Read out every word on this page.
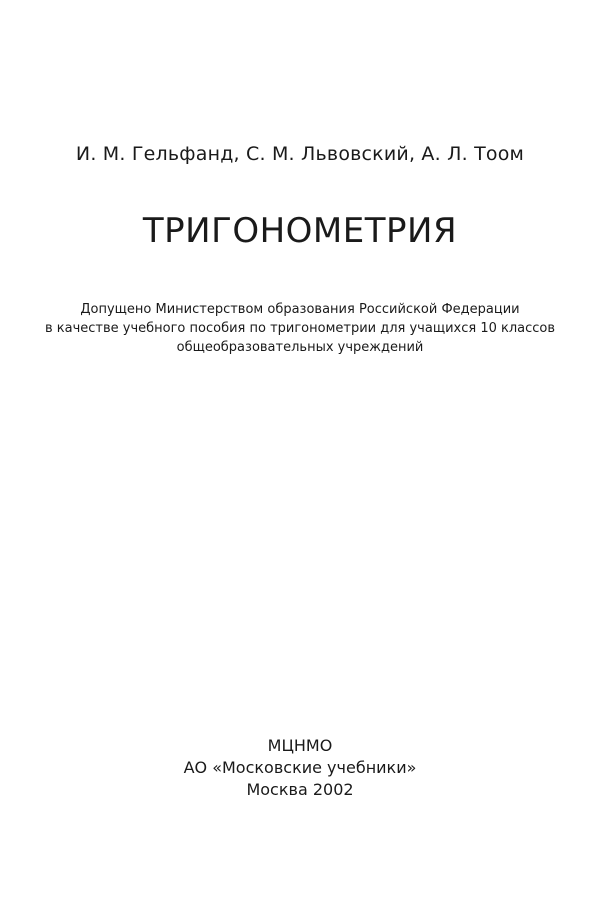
И. М. Гельфанд, С. М. Львовский, А. Л. Тоом
ТРИГОНОМЕТРИЯ
Допущено Министерством образования Российской Федерации
в качестве учебного пособия по тригонометрии для учащихся 10 классов
общеобразовательных учреждений
МЦНМО
АО «Московские учебники»
Москва 2002
